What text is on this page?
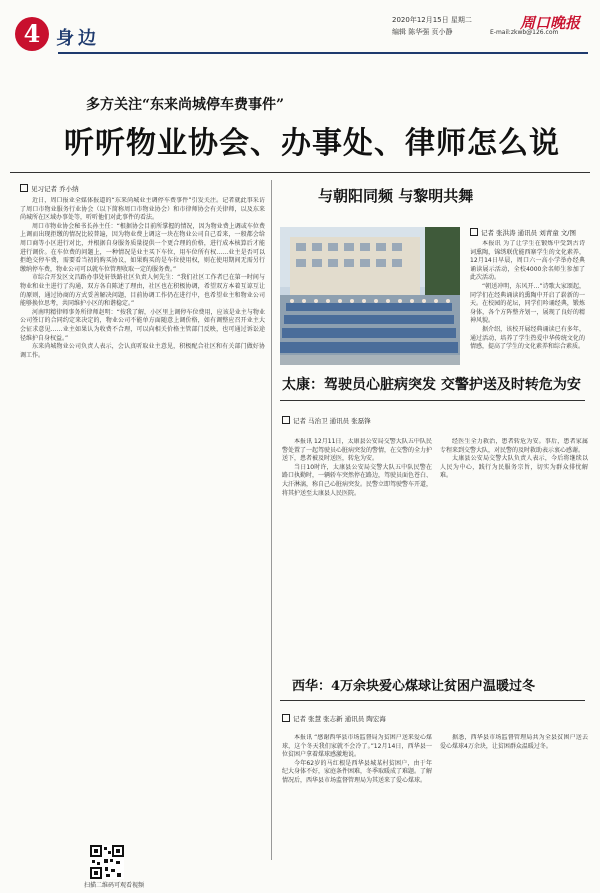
4 身边
2020年12月15日 星期二
编辑 陈华强 页小静	周口晚报
E-mail:zkwb@126.com
多方关注“东来尚城停车费事件”
听听物业协会、办事处、律师怎么说
见习记者 乔小纳

近日，周口报业全媒体报道的“东来尚城业主调停车费事件”引发关注。记者就此事采访了周口市物业服务行业协会（以下简称周口市物业协会）和市律师协会有关律师，以及东来尚城所在区域办事处等，听听他们对此事件的看法。

周口市物业协会秘书长孙主任：“根据协会目前所掌握的情况，因为物业费上调或车位费上调而出现拒缴的情况比较普遍，因为物业费上调这一块在物业公司自己看来，一般都会给周口商等小区进行对比，并根据自身服务质量提供一个更合理的价格，进行成本核算后才能进行调价。在车位费的问题上，一种情况是业主买下车位，用车位所有权……业主是否可以拒绝交停车费，需要看当初的购买协议，如果购买的是车位使用权，则在使用期间无需另行缴纳停车费，物业公司可以就车位管理收取一定的服务费。”

市综合开发区文昌路办事处轩铁路社区负责人何先生：“我们社区工作者已在第一时间与物业和业主进行了沟通，双方各自陈述了理由，社区也在积极协调，希望双方本着互谅互让的原则，通过协商的方式妥善解决问题，目前协调工作仍在进行中，也希望业主和物业公司能够换位思考，共同维护小区的和谐稳定。”

河南明精律师事务所律师赵明：“按我了解，小区里上调停车位费用，应该是业主与物业公司签订的合同约定来决定的，物业公司不能单方面随意上调价格，如有调整应召开业主大会征求意见……业主如果认为收费不合理，可以向相关价格主管部门反映，也可通过诉讼途径维护自身权益。”

东来尚城物业公司负责人表示，会认真听取业主意见，积极配合社区和有关部门做好协调工作。

扫描二维码可观看视频
与朝阳同频 与黎明共舞
记者 张洪涛 通讯员 刘青童 文/图

本报讯 为了让学生在锻炼中受到古诗词熏陶，锦绣联优能西寨学生的文化素养，12月14日早晨，周口六一高小学举办经典诵读展示活动，全校4000余名师生参加了此次活动。

“朝送冲明，东风开…”诗歌大家颂起，同学们在经典诵读的熏陶中开启了崭新的一天。在校园的花坛，同学们吟诵经典，锻炼身体，各个方阵整齐划一，展现了良好的精神风貌。

据介绍，该校开展经典诵读已有多年，通过活动，培养了学生热爱中华传统文化的情感，提高了学生的文化素养和综合素质。

太康：驾驶员心脏病突发 交警护送及时转危为安
记者 马治卫 通讯员 张磊锋

本报讯 12月11日，太康县公安局交警大队五中队民警处置了一起驾驶员心脏病突发的警情，在交警的全力护送下，患者被及时送医，转危为安。

当日10时许，太康县公安局交警大队五中队民警在路口执勤时，一辆轿车突然停在路边，驾驶员面色苍白、大汗淋漓，称自己心脏病突发。民警立即驾驶警车开道，将其护送至太康县人民医院。

经医生全力救治，患者转危为安。事后，患者家属专程来到交警大队，对民警的及时救助表示衷心感谢。

太康县公安局交警大队负责人表示，今后将继续以人民为中心，践行为民服务宗旨，切实为群众排忧解难。

西华：4万余块爱心煤球让贫困户温暖过冬
记者 张慧 张志新 通讯员 陶宏海

本报讯 “感谢西华县市场监督局为贫困户送来爱心煤球，这个冬天我们家就不会冷了。”12月14日，西华县一位贫困户拿着煤球感激地说。

今年62岁的马红根是西华县城某村贫困户，由于年纪大身体不好，家庭条件困难，冬季取暖成了难题。了解情况后，西华县市场监督管理局为其送来了爱心煤球。

据悉，西华县市场监督管理局共为全县贫困户送去爱心煤球4万余块，让贫困群众温暖过冬。
